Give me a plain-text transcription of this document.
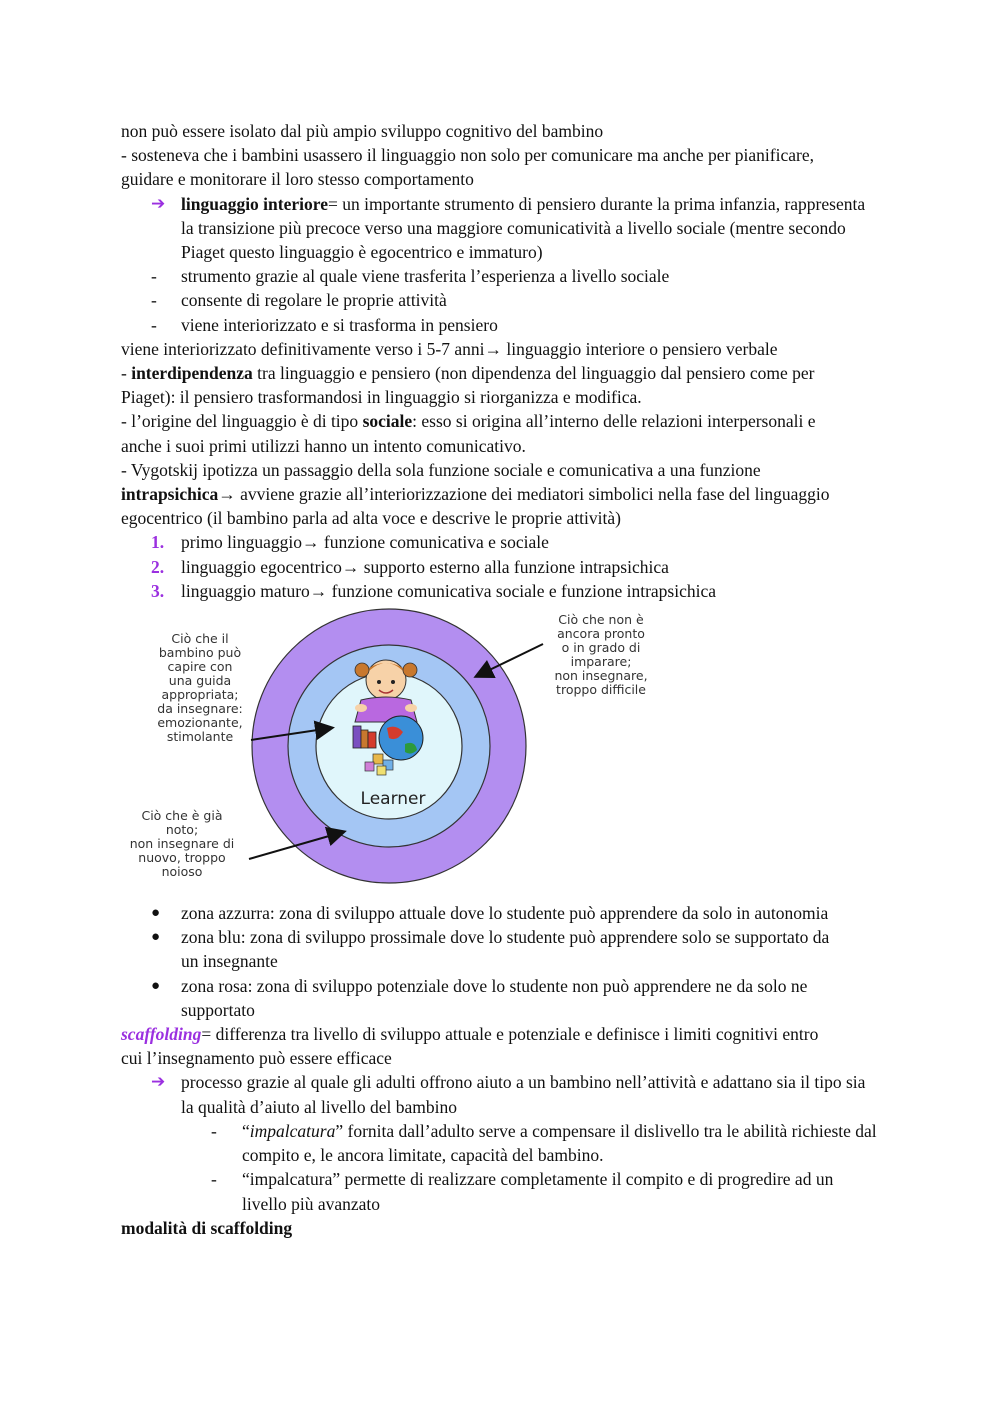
non può essere isolato dal più ampio sviluppo cognitivo del bambino
- sosteneva che i bambini usassero il linguaggio non solo per comunicare ma anche per pianificare, guidare e monitorare il loro stesso comportamento
➔ linguaggio interiore= un importante strumento di pensiero durante la prima infanzia, rappresenta la transizione più precoce verso una maggiore comunicatività a livello sociale (mentre secondo Piaget questo linguaggio è egocentrico e immaturo)
- strumento grazie al quale viene trasferita l’esperienza a livello sociale
- consente di regolare le proprie attività
- viene interiorizzato e si trasforma in pensiero
viene interiorizzato definitivamente verso i 5-7 anni→ linguaggio interiore o pensiero verbale
- interdipendenza tra linguaggio e pensiero (non dipendenza del linguaggio dal pensiero come per Piaget): il pensiero trasformandosi in linguaggio si riorganizza e modifica.
- l’origine del linguaggio è di tipo sociale: esso si origina all’interno delle relazioni interpersonali e anche i suoi primi utilizzi hanno un intento comunicativo.
- Vygotskij ipotizza un passaggio della sola funzione sociale e comunicativa a una funzione
intrapsichica→ avviene grazie all’interiorizzazione dei mediatori simbolici nella fase del linguaggio egocentrico (il bambino parla ad alta voce e descrive le proprie attività)
1. primo linguaggio→ funzione comunicativa e sociale
2. linguaggio egocentrico→ supporto esterno alla funzione intrapsichica
3. linguaggio maturo→ funzione comunicativa sociale e funzione intrapsichica
● zona azzurra: zona di sviluppo attuale dove lo studente può apprendere da solo in autonomia
● zona blu: zona di sviluppo prossimale dove lo studente può apprendere solo se supportato da un insegnante
● zona rosa: zona di sviluppo potenziale dove lo studente non può apprendere ne da solo ne supportato
scaffolding= differenza tra livello di sviluppo attuale e potenziale e definisce i limiti cognitivi entro cui l’insegnamento può essere efficace
➔ processo grazie al quale gli adulti offrono aiuto a un bambino nell’attività e adattano sia il tipo sia la qualità d’aiuto al livello del bambino
- “impalcatura” fornita dall’adulto serve a compensare il dislivello tra le abilità richieste dal compito e, le ancora limitate, capacità del bambino.
- “impalcatura” permette di realizzare completamente il compito e di progredire ad un livello più avanzato
modalità di scaffolding
Learner
Ciò che il
bambino può
capire con
una guida
appropriata;
da insegnare:
emozionante,
stimolante
Ciò che è già
noto;
non insegnare di
nuovo, troppo
noioso
Ciò che non è
ancora pronto
o in grado di
imparare;
non insegnare,
troppo difficile
